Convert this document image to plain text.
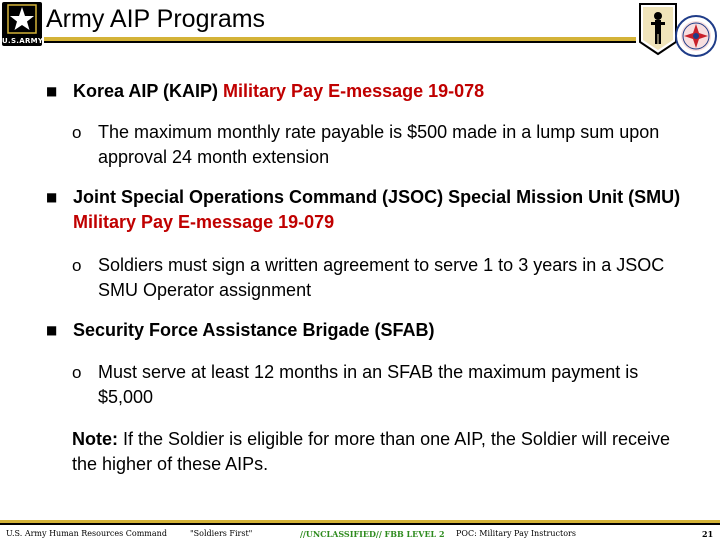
U.S.ARMY
Army AIP Programs
■ Korea AIP (KAIP) Military Pay E-message 19-078
o The maximum monthly rate payable is $500 made in a lump sum upon approval 24 month extension
■ Joint Special Operations Command (JSOC) Special Mission Unit (SMU) Military Pay E-message 19-079
o Soldiers must sign a written agreement to serve 1 to 3 years in a JSOC SMU Operator assignment
■ Security Force Assistance Brigade (SFAB)
o Must serve at least 12 months in an SFAB the maximum payment is $5,000
Note: If the Soldier is eligible for more than one AIP, the Soldier will receive the higher of these AIPs.
U.S. Army Human Resources Command	"Soldiers First"	//UNCLASSIFIED// FBB LEVEL 2 POC: Military Pay Instructors	21
